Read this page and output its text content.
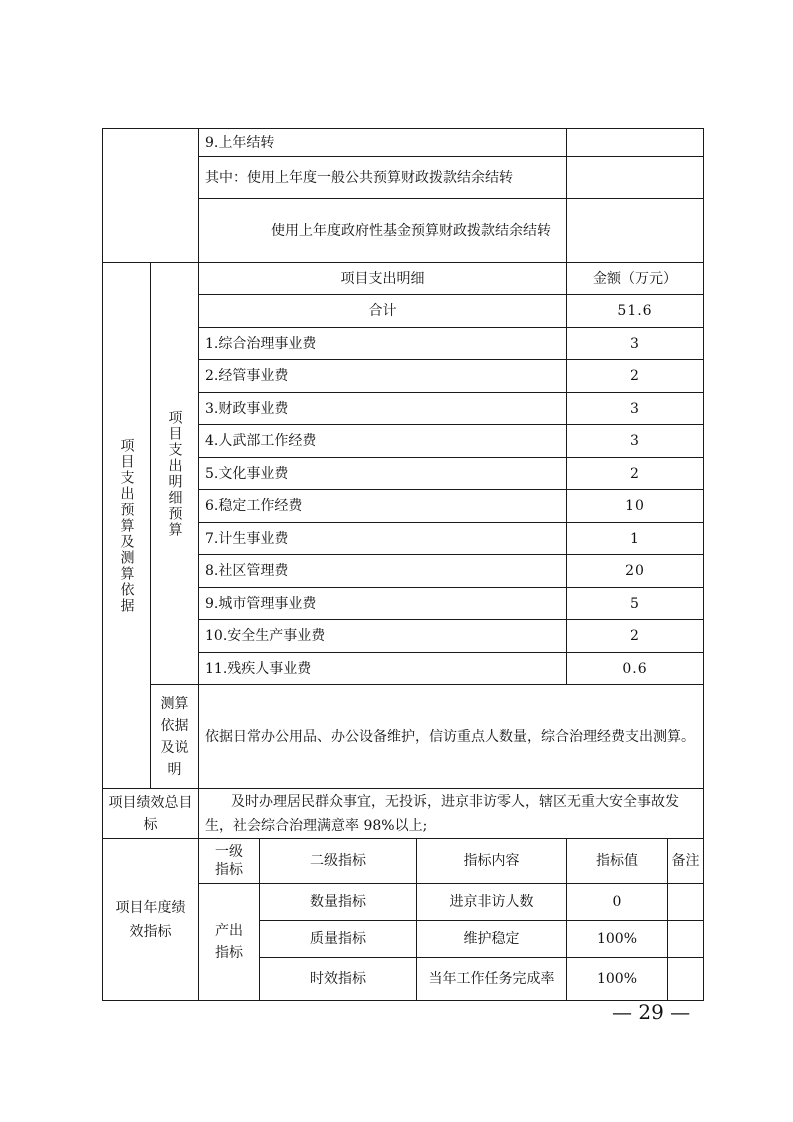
		9.上年结转			
		其中：使用上年度一般公共预算财政拨款结余结转			

		使用上年度政府性基金预算财政拨款结余结转			

项目支出预算及测算依据	项目支出明细预算	项目支出明细			金额（万元）
		合计			51.6
		1.综合治理事业费			3
		2.经管事业费			2
		3.财政事业费			3
		4.人武部工作经费			3
		5.文化事业费			2
		6.稳定工作经费			10
		7.计生事业费			1
		8.社区管理费			20
		9.城市管理事业费			5
		10.安全生产事业费			2
		11.残疾人事业费			0.6

	测算依据及说明	依据日常办公用品、办公设备维护，信访重点人数量，综合治理经费支出测算。			
项目绩效总目标		及时办理居民群众事宜，无投诉，进京非访零人，辖区无重大安全事故发生，社会综合治理满意率 98%以上;			
项目年度绩效指标		一级指标	二级指标	指标内容	指标值 备注

		产出指标	数量指标	进京非访人数	0

			质量指标	维护稳定	100%

			时效指标	当年工作任务完成率	100%
— 29 —
